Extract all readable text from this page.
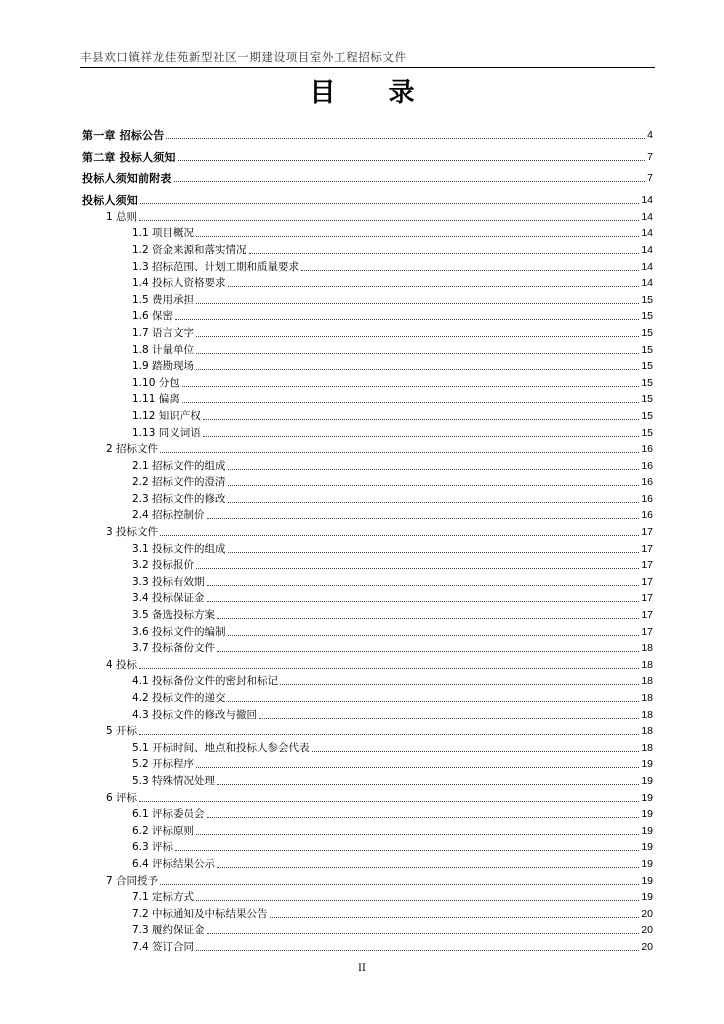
丰县欢口镇祥龙佳苑新型社区一期建设项目室外工程招标文件
目 录
第一章 招标公告	4
第二章 投标人须知	7
投标人须知前附表	7
投标人须知	14
1 总则	14
1.1 项目概况	14
1.2 资金来源和落实情况	14
1.3 招标范围、计划工期和质量要求	14
1.4 投标人资格要求	14
1.5 费用承担	15
1.6 保密	15
1.7 语言文字	15
1.8 计量单位	15
1.9 踏勘现场	15
1.10 分包	15
1.11 偏离	15
1.12 知识产权	15
1.13 同义词语	15
2 招标文件	16
2.1 招标文件的组成	16
2.2 招标文件的澄清	16
2.3 招标文件的修改	16
2.4 招标控制价	16
3 投标文件	17
3.1 投标文件的组成	17
3.2 投标报价	17
3.3 投标有效期	17
3.4 投标保证金	17
3.5 备选投标方案	17
3.6 投标文件的编制	17
3.7 投标备份文件	18
4 投标	18
4.1 投标备份文件的密封和标记	18
4.2 投标文件的递交	18
4.3 投标文件的修改与撤回	18
5 开标	18
5.1 开标时间、地点和投标人参会代表	18
5.2 开标程序	19
5.3 特殊情况处理	19
6 评标	19
6.1 评标委员会	19
6.2 评标原则	19
6.3 评标	19
6.4 评标结果公示	19
7 合同授予	19
7.1 定标方式	19
7.2 中标通知及中标结果公告	20
7.3 履约保证金	20
7.4 签订合同	20
II
